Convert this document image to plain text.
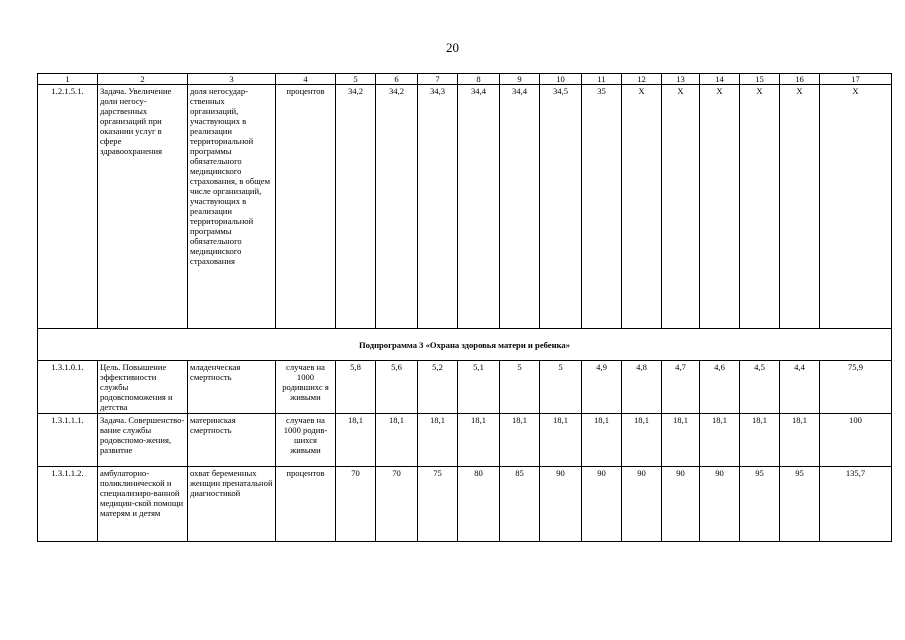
20
1	2	3	4	5	6	7	8	9	10	11	12	13	14	15	16	17
1.2.1.5.1.	Задача. Увеличение доли негосу-дарственных организаций при оказании услуг в сфере здравоохранения	доля негосудар-ственных организаций, участвующих в реализации территориальной программы обязательного медицинского страхования, в общем числе организаций, участвующих в реализации территориальной программы обязательного медицинского страхования	процентов	34,2	34,2	34,3	34,4	34,4	34,5	35	Х	Х	Х	Х	Х	Х
Подпрограмма 3 «Охрана здоровья матери и ребенка»																
1.3.1.0.1.	Цель. Повышение эффективности службы родовспоможения и детства	младенческая смертность	случаев на 1000 родившихс я живыми	5,8	5,6	5,2	5,1	5	5	4,9	4,8	4,7	4,6	4,5	4,4	75,9
1.3.1.1.1.	Задача. Совершенство-вание службы родовспомо-жения, развитие	материнская смертность	случаев на 1000 родив-шихся живыми	18,1	18,1	18,1	18,1	18,1	18,1	18,1	18,1	18,1	18,1	18,1	18,1	100
1.3.1.1.2.	амбулаторно-поликлинической и специализиро-ванной медицин-ской помощи матерям и детям	охват беременных женщин пренатальной диагностикой	процентов	70	70	75	80	85	90	90	90	90	90	95	95	135,7
